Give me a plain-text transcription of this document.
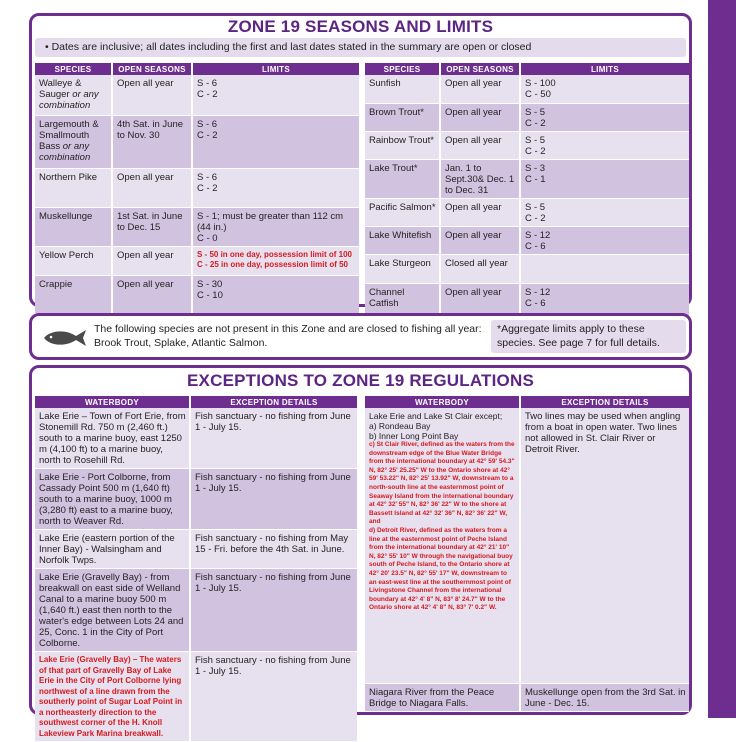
ZONE 19 SEASONS AND LIMITS
• Dates are inclusive; all dates including the first and last dates stated in the summary are open or closed
SPECIES	OPEN SEASONS	LIMITS
Walleye & Sauger or any combination	Open all year	S - 6
C - 2

Largemouth & Smallmouth Bass or any combination	4th Sat. in June to Nov. 30	S - 6
C - 2

Northern Pike	Open all year	S - 6
C - 2

Muskellunge	1st Sat. in June to Dec. 15	S - 1; must be greater than 112 cm (44 in.)
C - 0

Yellow Perch	Open all year	S - 50 in one day, possession limit of 100
C - 25 in one day, possession limit of 50

Crappie	Open all year	S - 30
C - 10
SPECIES	OPEN SEASONS	LIMITS
Sunfish	Open all year	S - 100
C - 50

Brown Trout*	Open all year	S - 5
C - 2

Rainbow Trout*	Open all year	S - 5
C - 2

Lake Trout*	Jan. 1 to Sept.30& Dec. 1 to Dec. 31	S - 3
C - 1

Pacific Salmon*	Open all year	S - 5
C - 2

Lake Whitefish	Open all year	S - 12
C - 6

Lake Sturgeon	Closed all year	
Channel Catfish	Open all year	S - 12
C - 6
The following species are not present in this Zone and are closed to fishing all year: Brook Trout, Splake, Atlantic Salmon.
*Aggregate limits apply to these species. See page 7 for full details.
EXCEPTIONS TO ZONE 19 REGULATIONS
WATERBODY	EXCEPTION DETAILS
Lake Erie – Town of Fort Erie, from Stonemill Rd. 750 m (2,460 ft.) south to a marine buoy, east 1250 m (4,100 ft) to a marine buoy, north to Rosehill Rd.	Fish sanctuary - no fishing from June 1 - July 15.
Lake Erie - Port Colborne, from Cassady Point 500 m (1,640 ft) south to a marine buoy, 1000 m (3,280 ft) east to a marine buoy, north to Weaver Rd.	Fish sanctuary - no fishing from June 1 - July 15.
Lake Erie (eastern portion of the Inner Bay) - Walsingham and Norfolk Twps.	Fish sanctuary - no fishing from May 15 - Fri. before the 4th Sat. in June.
Lake Erie (Gravelly Bay) - from breakwall on east side of Welland Canal to a marine buoy 500 m (1,640 ft.) east then north to the water's edge between Lots 24 and 25, Conc. 1 in the City of Port Colborne.	Fish sanctuary - no fishing from June 1 - July 15.
Lake Erie (Gravelly Bay) – The waters of that part of Gravelly Bay of Lake Erie in the City of Port Colborne lying northwest of a line drawn from the southerly point of Sugar Loaf Point in a northeasterly direction to the southwest corner of the H. Knoll Lakeview Park Marina breakwall.	Fish sanctuary - no fishing from June 1 - July 15.
WATERBODY	EXCEPTION DETAILS

Lake Erie and Lake St Clair except;
a) Rondeau Bay
b) Inner Long Point Bay
c) St Clair River, defined as the waters from the downstream edge of the Blue Water Bridge from the international boundary at 42° 59' 54.3" N, 82° 25' 25.25" W to the Ontario shore at 42° 59' 53.22" N, 82° 25' 13.92" W, downstream to a north-south line at the easternmost point of Seaway Island from the international boundary at 42° 32' 55" N, 82° 36' 22" W to the shore at Bassett Island at 42° 32' 36" N, 82° 36' 22" W, and
d) Detroit River, defined as the waters from a line at the easternmost point of Peche Island from the international boundary at 42° 21' 10" N, 82° 55' 10" W through the navigational buoy south of Peche Island, to the Ontario shore at 42° 20' 23.5" N, 82° 55' 17" W, downstream to an east-west line at the southernmost point of Livingstone Channel from the international boundary at 42° 4' 8" N, 83° 8' 24.7" W to the Ontario shore at 42° 4' 8" N, 83° 7' 0.2" W.	Two lines may be used when angling from a boat in open water. Two lines not allowed in St. Clair River or Detroit River.
Niagara River from the Peace Bridge to Niagara Falls.	Muskellunge open from the 3rd Sat. in June - Dec. 15.
